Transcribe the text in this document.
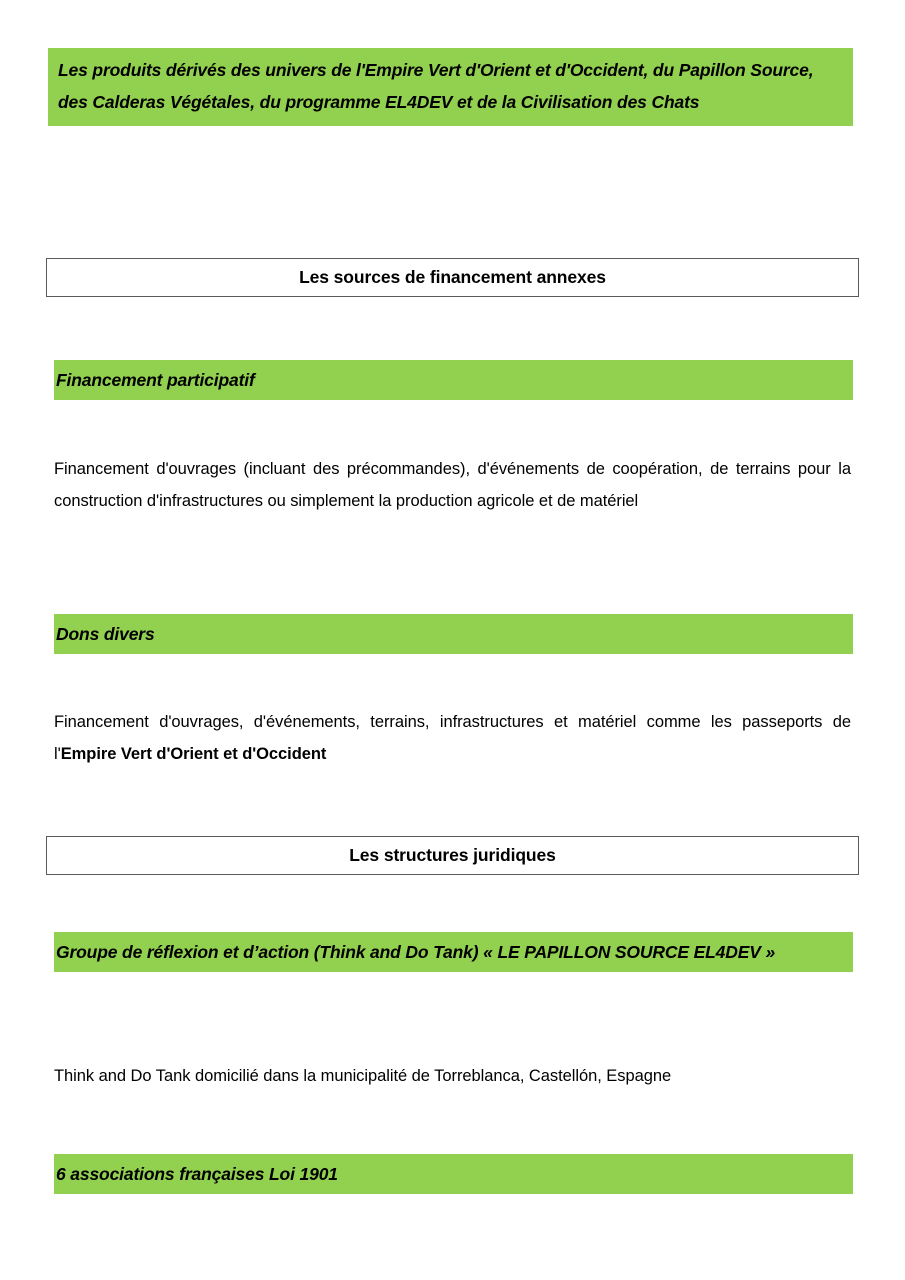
Les produits dérivés des univers de l'Empire Vert d'Orient et d'Occident, du Papillon Source, des Calderas Végétales, du programme EL4DEV et de la Civilisation des Chats
Les sources de financement annexes
Financement participatif
Financement d'ouvrages (incluant des précommandes), d'événements de coopération, de terrains pour la construction d'infrastructures ou simplement la production agricole et de matériel
Dons divers
Financement d'ouvrages, d'événements, terrains, infrastructures et matériel comme les passeports de l'Empire Vert d'Orient et d'Occident
Les structures juridiques
Groupe de réflexion et d’action (Think and Do Tank) « LE PAPILLON SOURCE EL4DEV »
Think and Do Tank domicilié dans la municipalité de Torreblanca, Castellón, Espagne
6 associations françaises Loi 1901
